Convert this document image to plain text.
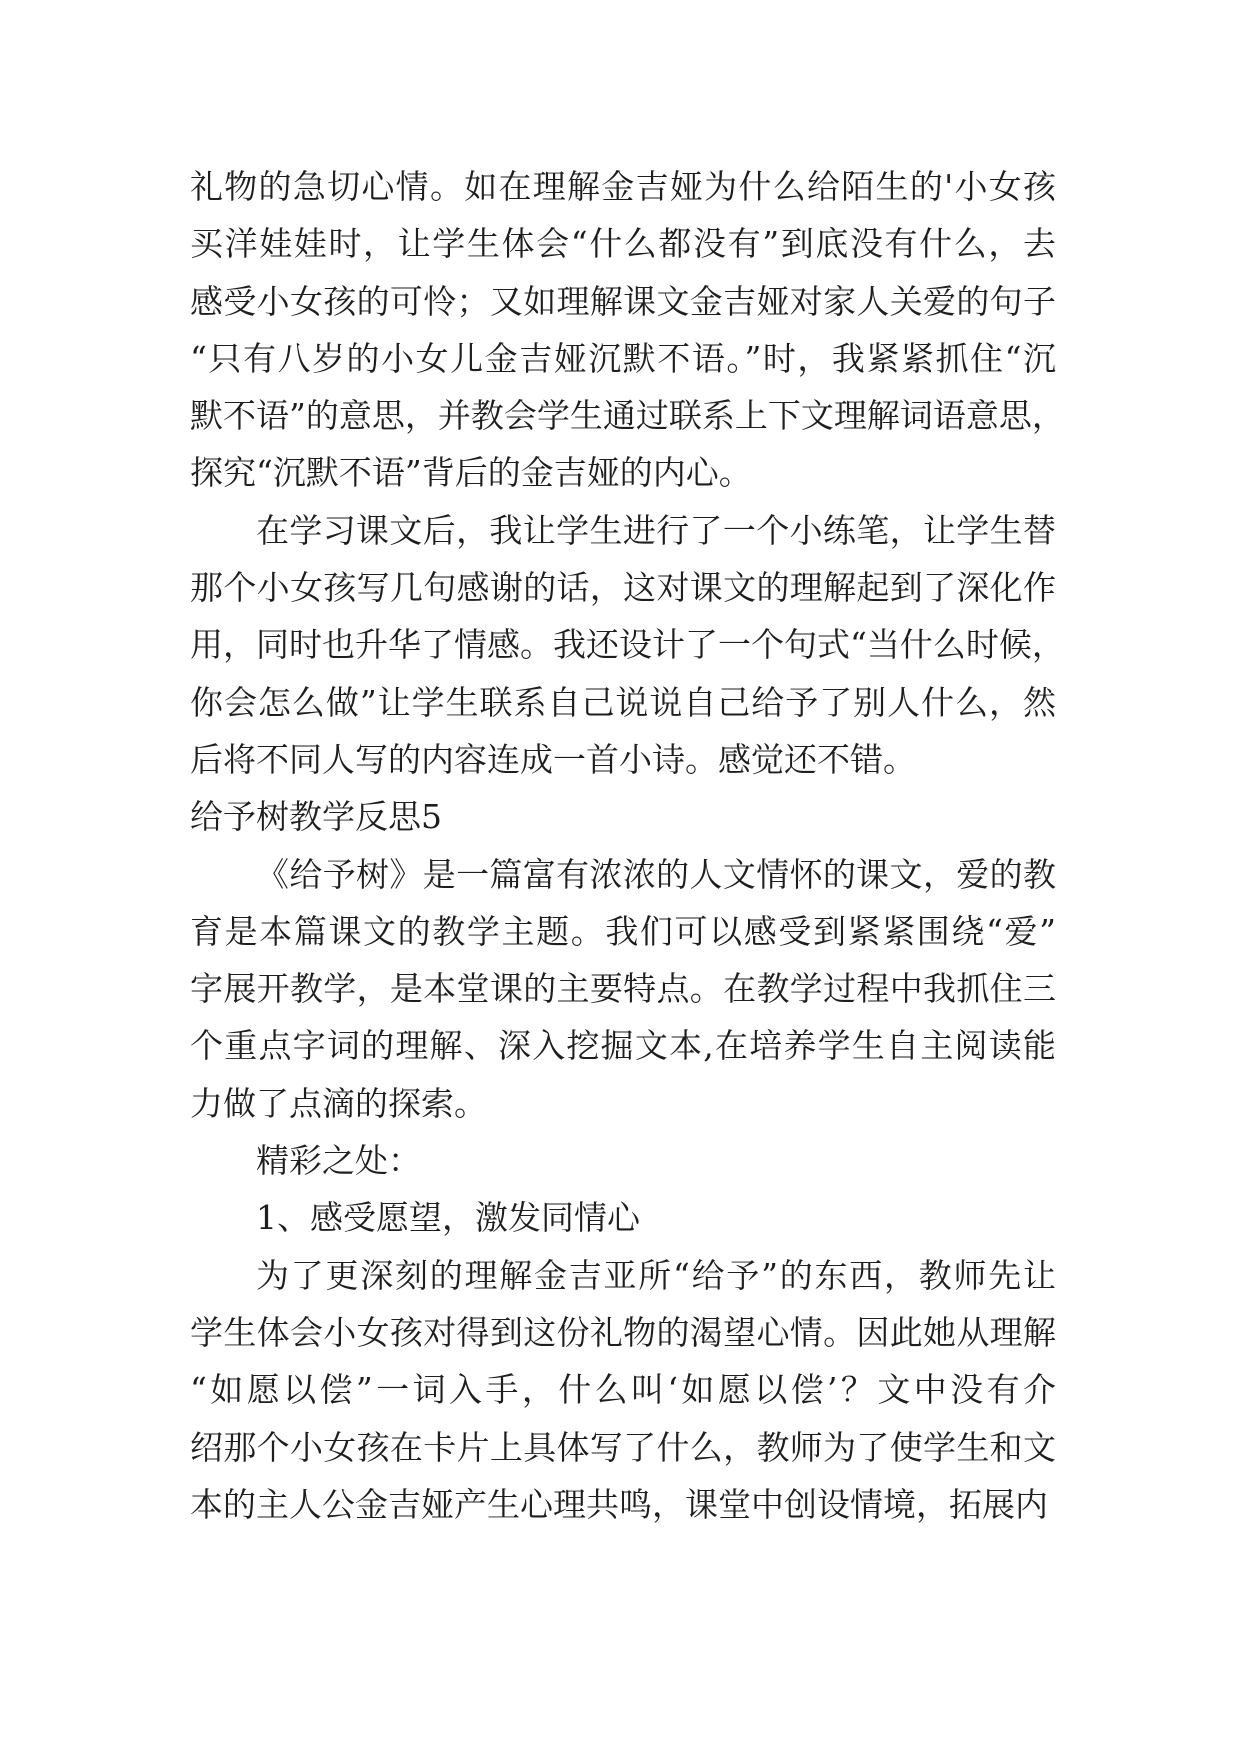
礼物的急切心情。如在理解金吉娅为什么给陌生的'小女孩
买洋娃娃时，让学生体会“什么都没有”到底没有什么，去
感受小女孩的可怜；又如理解课文金吉娅对家人关爱的句子
“只有八岁的小女儿金吉娅沉默不语。”时，我紧紧抓住“沉
默不语”的意思，并教会学生通过联系上下文理解词语意思，
探究“沉默不语”背后的金吉娅的内心。
在学习课文后，我让学生进行了一个小练笔，让学生替
那个小女孩写几句感谢的话，这对课文的理解起到了深化作
用，同时也升华了情感。我还设计了一个句式“当什么时候，
你会怎么做”让学生联系自己说说自己给予了别人什么，然
后将不同人写的内容连成一首小诗。感觉还不错。
给予树教学反思5
《给予树》是一篇富有浓浓的人文情怀的课文，爱的教
育是本篇课文的教学主题。我们可以感受到紧紧围绕“爱”
字展开教学，是本堂课的主要特点。在教学过程中我抓住三
个重点字词的理解、深入挖掘文本,在培养学生自主阅读能
力做了点滴的探索。
精彩之处：
1、感受愿望，激发同情心
为了更深刻的理解金吉亚所“给予”的东西，教师先让
学生体会小女孩对得到这份礼物的渴望心情。因此她从理解
“如愿以偿”一词入手，什么叫‘如愿以偿’？文中没有介
绍那个小女孩在卡片上具体写了什么，教师为了使学生和文
本的主人公金吉娅产生心理共鸣，课堂中创设情境，拓展内
